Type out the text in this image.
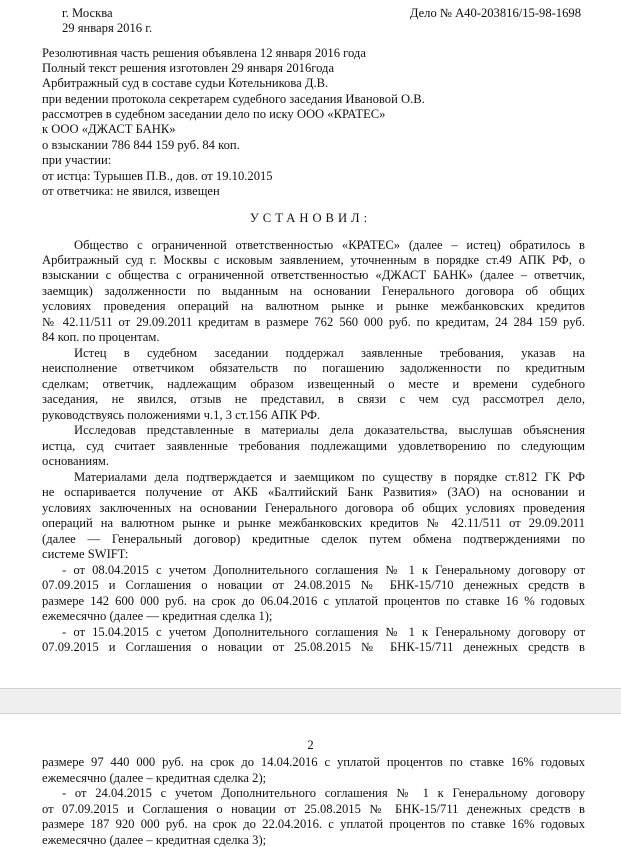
г. Москва	Дело № А40-203816/15-98-1698
29 января 2016 г.
Резолютивная часть решения объявлена 12 января 2016 года
Полный текст решения изготовлен 29 января 2016года
Арбитражный суд в составе судьи Котельникова Д.В.
при ведении протокола секретарем судебного заседания Ивановой О.В.
рассмотрев в судебном заседании дело по иску ООО «КРАТЕС»
к ООО «ДЖАСТ БАНК»
о взыскании 786 844 159 руб. 84 коп.
при участии:
от истца: Турышев П.В., дов. от 19.10.2015
от ответчика: не явился, извещен
УСТАНОВИЛ:
Общество с ограниченной ответственностью «КРАТЕС» (далее – истец) обратилось в
Арбитражный суд г. Москвы с исковым заявлением, уточненным в порядке ст.49 АПК РФ, о
взыскании с общества с ограниченной ответственностью «ДЖАСТ БАНК» (далее – ответчик,
заемщик) задолженности по выданным на основании Генерального договора об общих
условиях проведения операций на валютном рынке и рынке межбанковских кредитов
№ 42.11/511 от 29.09.2011 кредитам в размере 762 560 000 руб. по кредитам, 24 284 159 руб.
84 коп. по процентам.
Истец в судебном заседании поддержал заявленные требования, указав на
неисполнение ответчиком обязательств по погашению задолженности по кредитным
сделкам; ответчик, надлежащим образом извещенный о месте и времени судебного
заседания, не явился, отзыв не представил, в связи с чем суд рассмотрел дело,
руководствуясь положениями ч.1, 3 ст.156 АПК РФ.
Исследовав представленные в материалы дела доказательства, выслушав объяснения
истца, суд считает заявленные требования подлежащими удовлетворению по следующим
основаниям.
Материалами дела подтверждается и заемщиком по существу в порядке ст.812 ГК РФ
не оспаривается получение от АКБ «Балтийский Банк Развития» (ЗАО) на основании и
условиях заключенных на основании Генерального договора об общих условиях проведения
операций на валютном рынке и рынке межбанковских кредитов № 42.11/511 от 29.09.2011
(далее — Генеральный договор) кредитные сделок путем обмена подтверждениями по
системе SWIFT:
- от 08.04.2015 с учетом Дополнительного соглашения № 1 к Генеральному договору от
07.09.2015 и Соглашения о новации от 24.08.2015 № БНК-15/710 денежных средств в
размере 142 600 000 руб. на срок до 06.04.2016 с уплатой процентов по ставке 16 % годовых
ежемесячно (далее — кредитная сделка 1);
- от 15.04.2015 с учетом Дополнительного соглашения № 1 к Генеральному договору от
07.09.2015 и Соглашения о новации от 25.08.2015 № БНК-15/711 денежных средств в
2
размере 97 440 000 руб. на срок до 14.04.2016 с уплатой процентов по ставке 16% годовых
ежемесячно (далее – кредитная сделка 2);
- от 24.04.2015 с учетом Дополнительного соглашения № 1 к Генеральному договору
от 07.09.2015 и Соглашения о новации от 25.08.2015 № БНК-15/711 денежных средств в
размере 187 920 000 руб. на срок до 22.04.2016. с уплатой процентов по ставке 16% годовых
ежемесячно (далее – кредитная сделка 3);
